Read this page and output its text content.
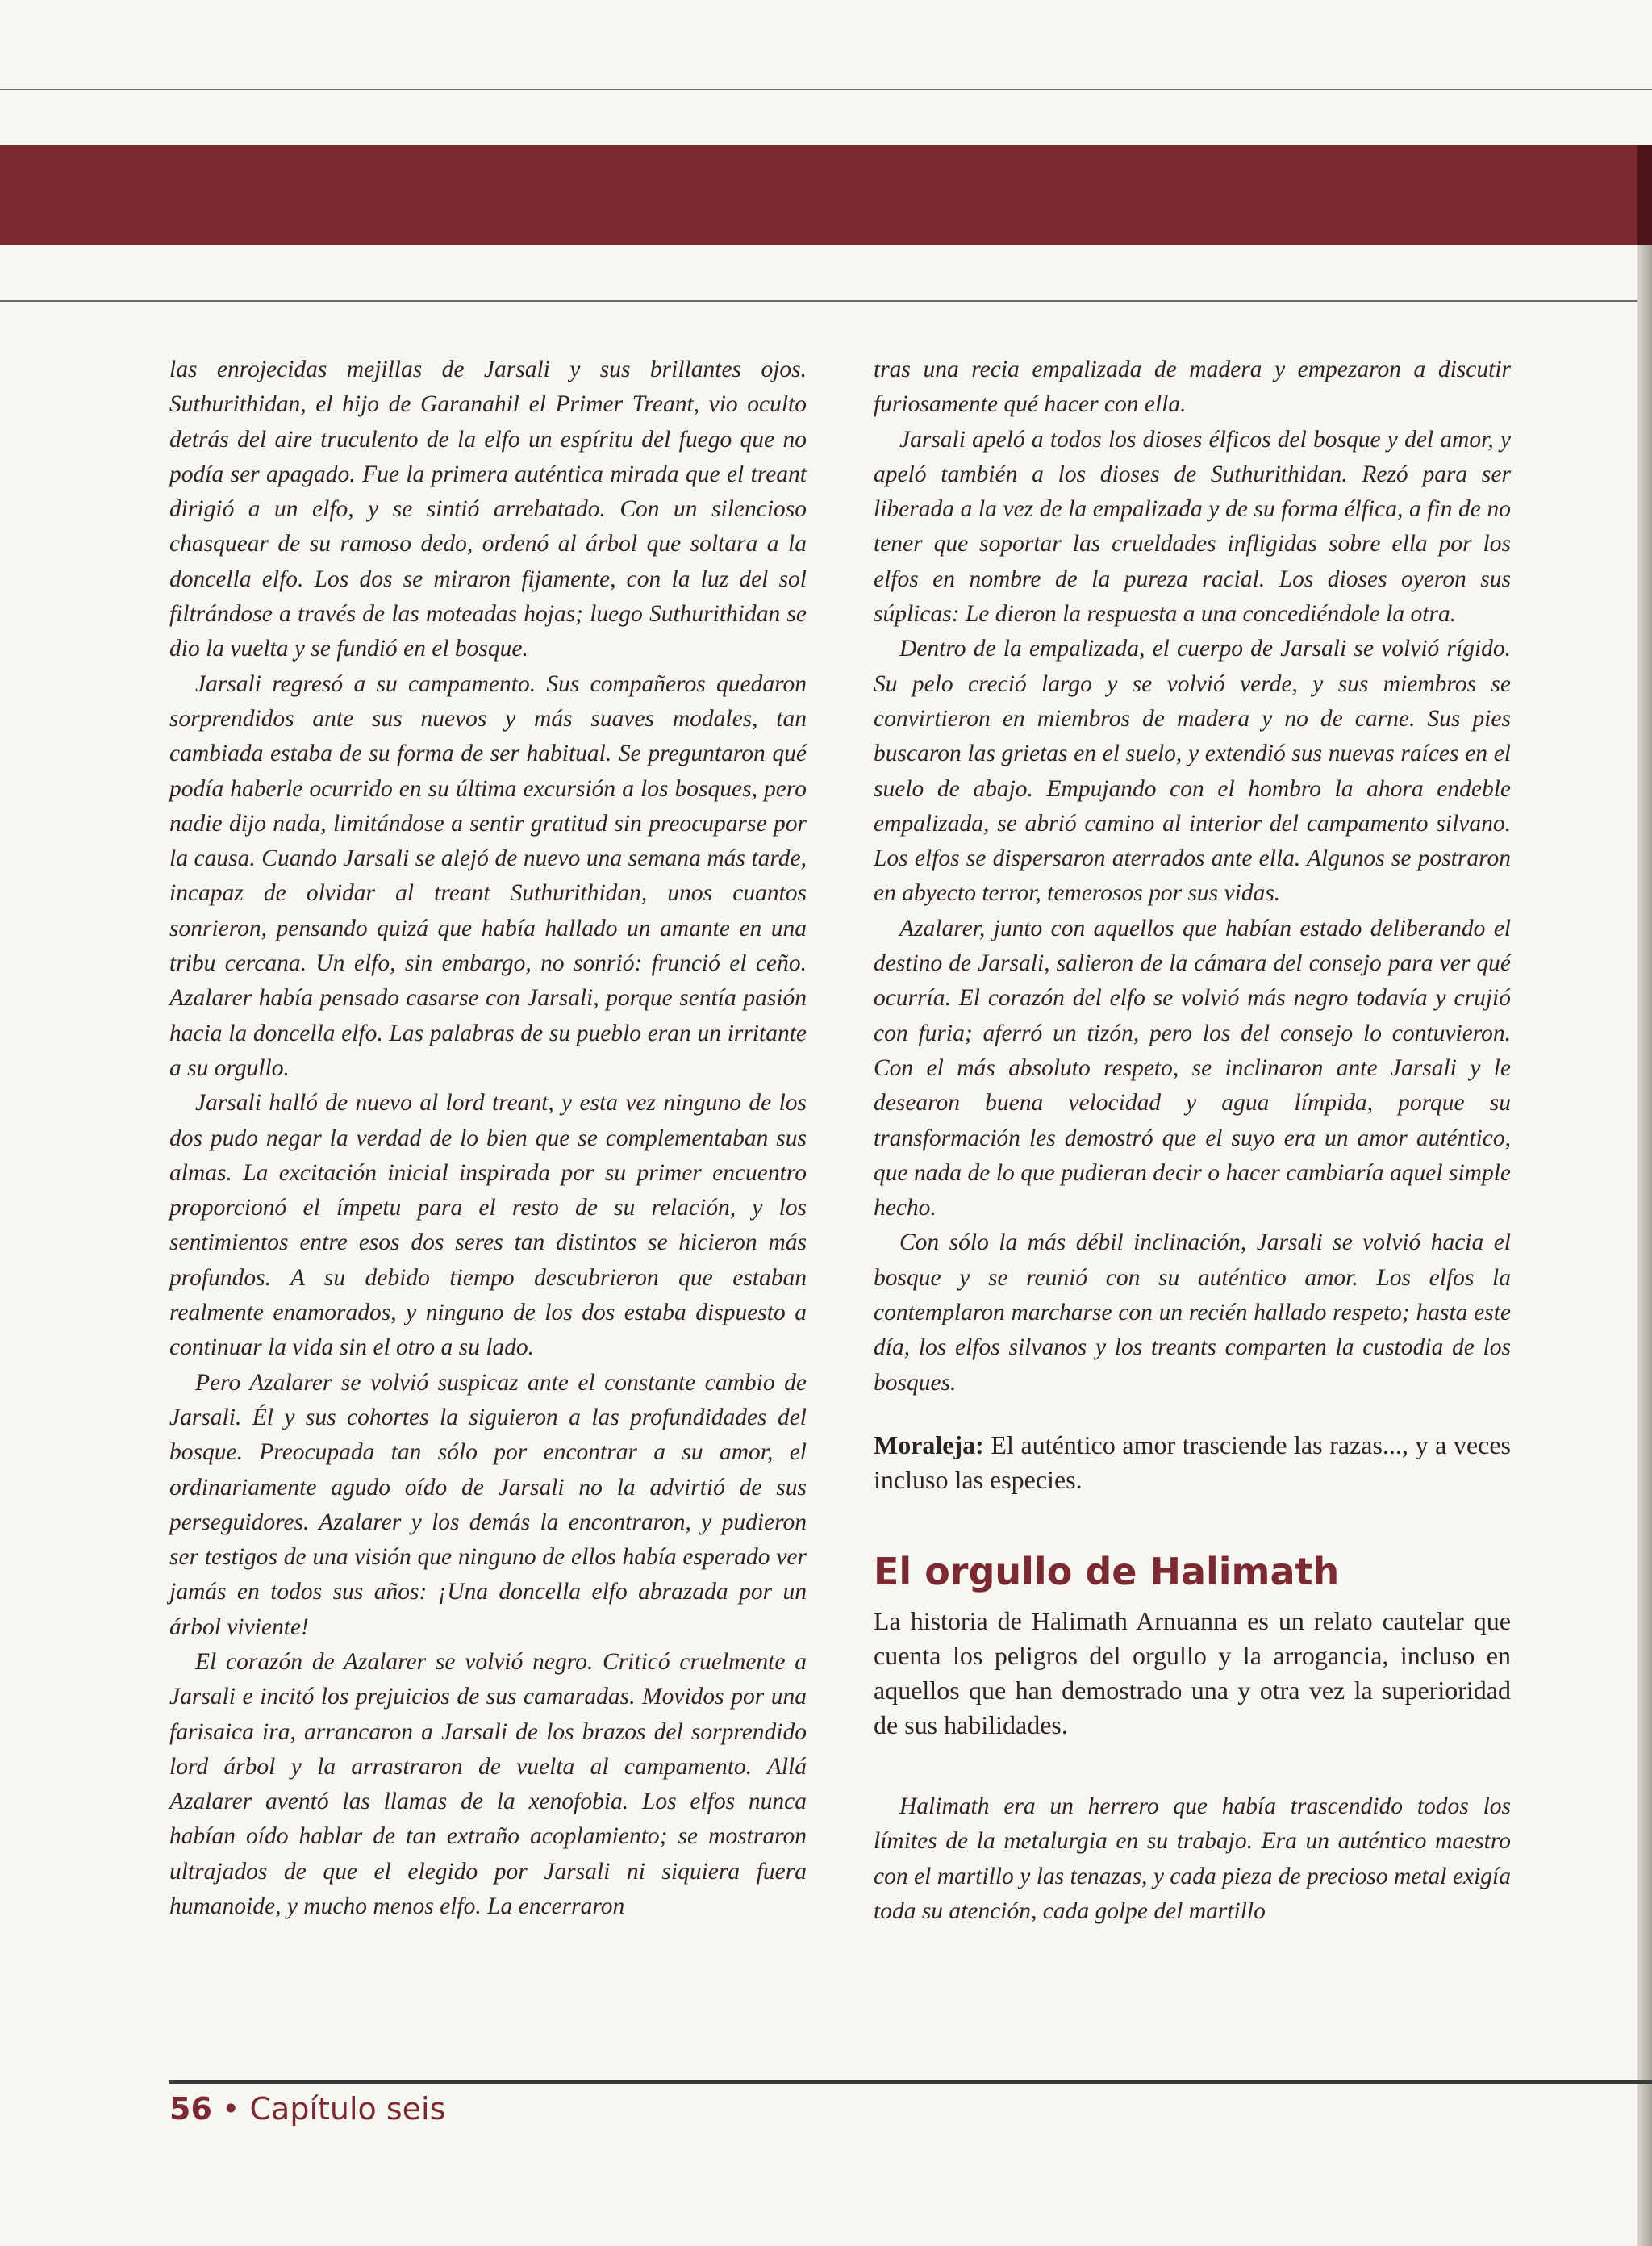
las enrojecidas mejillas de Jarsali y sus brillantes ojos. Suthurithidan, el hijo de Garanahil el Primer Treant, vio oculto detrás del aire truculento de la elfo un espíritu del fuego que no podía ser apagado. Fue la primera auténtica mirada que el treant dirigió a un elfo, y se sintió arrebatado. Con un silencioso chasquear de su ramoso dedo, ordenó al árbol que soltara a la doncella elfo. Los dos se miraron fijamente, con la luz del sol filtrándose a través de las moteadas hojas; luego Suthurithidan se dio la vuelta y se fundió en el bosque.

Jarsali regresó a su campamento. Sus compañeros quedaron sorprendidos ante sus nuevos y más suaves modales, tan cambiada estaba de su forma de ser habitual. Se preguntaron qué podía haberle ocurrido en su última excursión a los bosques, pero nadie dijo nada, limitándose a sentir gratitud sin preocuparse por la causa. Cuando Jarsali se alejó de nuevo una semana más tarde, incapaz de olvidar al treant Suthurithidan, unos cuantos sonrieron, pensando quizá que había hallado un amante en una tribu cercana. Un elfo, sin embargo, no sonrió: frunció el ceño. Azalarer había pensado casarse con Jarsali, porque sentía pasión hacia la doncella elfo. Las palabras de su pueblo eran un irritante a su orgullo.

Jarsali halló de nuevo al lord treant, y esta vez ninguno de los dos pudo negar la verdad de lo bien que se complementaban sus almas. La excitación inicial inspirada por su primer encuentro proporcionó el ímpetu para el resto de su relación, y los sentimientos entre esos dos seres tan distintos se hicieron más profundos. A su debido tiempo descubrieron que estaban realmente enamorados, y ninguno de los dos estaba dispuesto a continuar la vida sin el otro a su lado.

Pero Azalarer se volvió suspicaz ante el constante cambio de Jarsali. Él y sus cohortes la siguieron a las profundidades del bosque. Preocupada tan sólo por encontrar a su amor, el ordinariamente agudo oído de Jarsali no la advirtió de sus perseguidores. Azalarer y los demás la encontraron, y pudieron ser testigos de una visión que ninguno de ellos había esperado ver jamás en todos sus años: ¡Una doncella elfo abrazada por un árbol viviente!

El corazón de Azalarer se volvió negro. Criticó cruelmente a Jarsali e incitó los prejuicios de sus camaradas. Movidos por una farisaica ira, arrancaron a Jarsali de los brazos del sorprendido lord árbol y la arrastraron de vuelta al campamento. Allá Azalarer aventó las llamas de la xenofobia. Los elfos nunca habían oído hablar de tan extraño acoplamiento; se mostraron ultrajados de que el elegido por Jarsali ni siquiera fuera humanoide, y mucho menos elfo. La encerraron

tras una recia empalizada de madera y empezaron a discutir furiosamente qué hacer con ella.

Jarsali apeló a todos los dioses élficos del bosque y del amor, y apeló también a los dioses de Suthurithidan. Rezó para ser liberada a la vez de la empalizada y de su forma élfica, a fin de no tener que soportar las crueldades infligidas sobre ella por los elfos en nombre de la pureza racial. Los dioses oyeron sus súplicas: Le dieron la respuesta a una concediéndole la otra.

Dentro de la empalizada, el cuerpo de Jarsali se volvió rígido. Su pelo creció largo y se volvió verde, y sus miembros se convirtieron en miembros de madera y no de carne. Sus pies buscaron las grietas en el suelo, y extendió sus nuevas raíces en el suelo de abajo. Empujando con el hombro la ahora endeble empalizada, se abrió camino al interior del campamento silvano. Los elfos se dispersaron aterrados ante ella. Algunos se postraron en abyecto terror, temerosos por sus vidas.

Azalarer, junto con aquellos que habían estado deliberando el destino de Jarsali, salieron de la cámara del consejo para ver qué ocurría. El corazón del elfo se volvió más negro todavía y crujió con furia; aferró un tizón, pero los del consejo lo contuvieron. Con el más absoluto respeto, se inclinaron ante Jarsali y le desearon buena velocidad y agua límpida, porque su transformación les demostró que el suyo era un amor auténtico, que nada de lo que pudieran decir o hacer cambiaría aquel simple hecho.

Con sólo la más débil inclinación, Jarsali se volvió hacia el bosque y se reunió con su auténtico amor. Los elfos la contemplaron marcharse con un recién hallado respeto; hasta este día, los elfos silvanos y los treants comparten la custodia de los bosques.

Moraleja: El auténtico amor trasciende las razas..., y a veces incluso las especies.

El orgullo de Halimath

La historia de Halimath Arnuanna es un relato cautelar que cuenta los peligros del orgullo y la arrogancia, incluso en aquellos que han demostrado una y otra vez la superioridad de sus habilidades.

Halimath era un herrero que había trascendido todos los límites de la metalurgia en su trabajo. Era un auténtico maestro con el martillo y las tenazas, y cada pieza de precioso metal exigía toda su atención, cada golpe del martillo

56 • Capítulo seis
